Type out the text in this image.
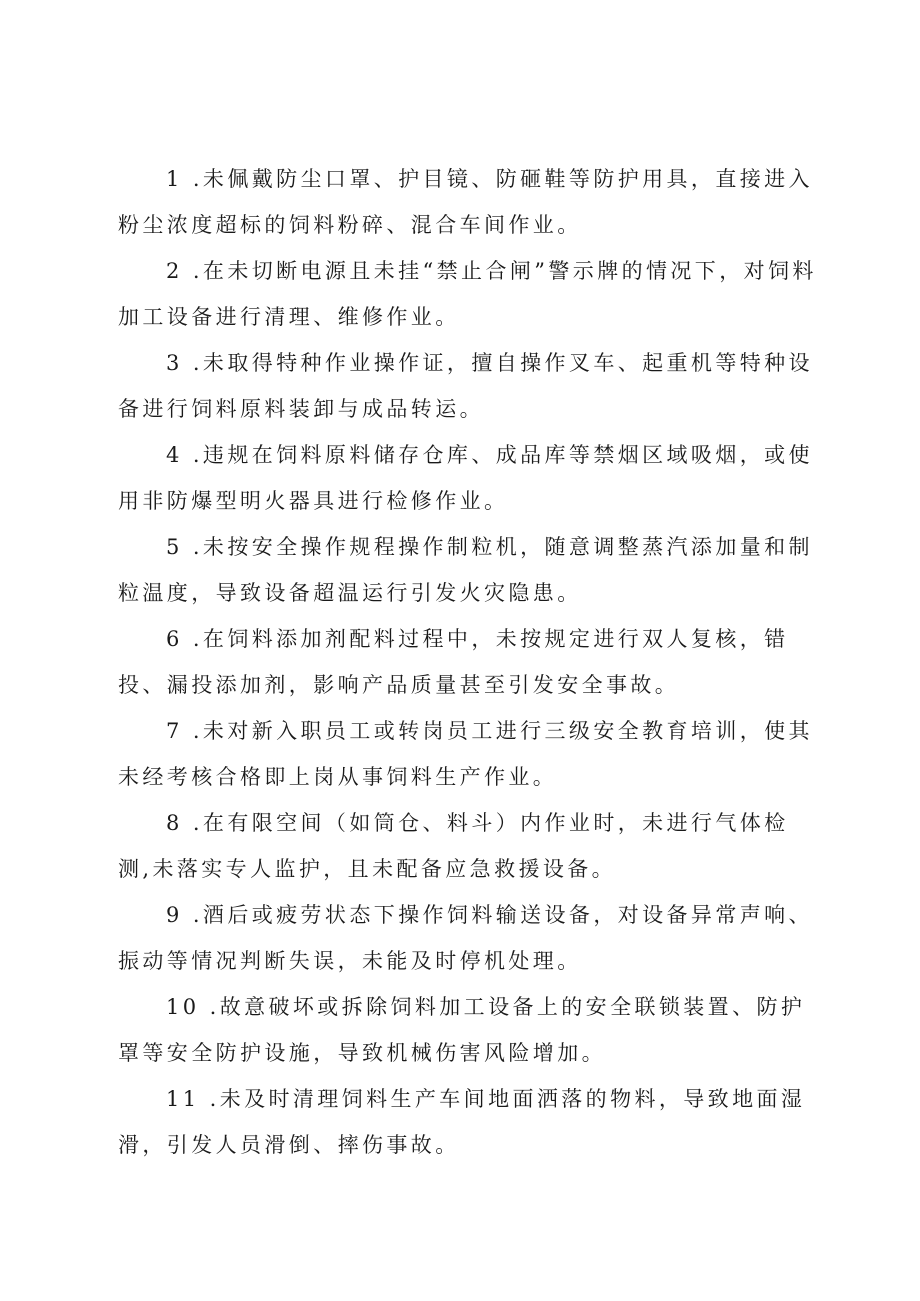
1 .未佩戴防尘口罩、护目镜、防砸鞋等防护用具，直接进入粉尘浓度超标的饲料粉碎、混合车间作业。

2 .在未切断电源且未挂“禁止合闸”警示牌的情况下，对饲料加工设备进行清理、维修作业。

3 .未取得特种作业操作证，擅自操作叉车、起重机等特种设备进行饲料原料装卸与成品转运。

4 .违规在饲料原料储存仓库、成品库等禁烟区域吸烟，或使用非防爆型明火器具进行检修作业。

5 .未按安全操作规程操作制粒机，随意调整蒸汽添加量和制粒温度，导致设备超温运行引发火灾隐患。

6 .在饲料添加剂配料过程中，未按规定进行双人复核，错投、漏投添加剂，影响产品质量甚至引发安全事故。

7 .未对新入职员工或转岗员工进行三级安全教育培训，使其未经考核合格即上岗从事饲料生产作业。

8 .在有限空间（如筒仓、料斗）内作业时，未进行气体检测,未落实专人监护，且未配备应急救援设备。

9 .酒后或疲劳状态下操作饲料输送设备，对设备异常声响、振动等情况判断失误，未能及时停机处理。

10 .故意破坏或拆除饲料加工设备上的安全联锁装置、防护罩等安全防护设施，导致机械伤害风险增加。

11 .未及时清理饲料生产车间地面洒落的物料，导致地面湿滑，引发人员滑倒、摔伤事故。
